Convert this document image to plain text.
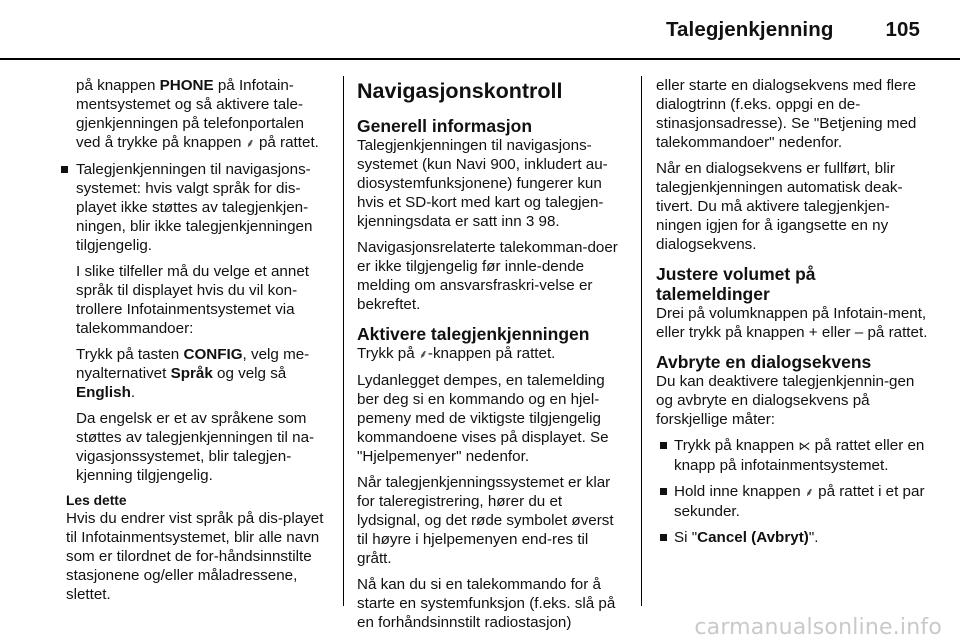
Talegjenkjenning	105

på knappen PHONE på Infotain-mentsystemet og så aktivere tale-gjenkjenningen på telefonportalen ved å trykke på knappen ⸙ på rattet.

Talegjenkjenningen til navigasjons-systemet: hvis valgt språk for dis-playet ikke støttes av talegjenkjen-ningen, blir ikke talegjenkjenningen tilgjengelig.

I slike tilfeller må du velge et annet språk til displayet hvis du vil kon-trollere Infotainmentsystemet via talekommandoer:

Trykk på tasten CONFIG, velg me-nyalternativet Språk og velg så English.

Da engelsk er et av språkene som støttes av talegjenkjenningen til na-vigasjonssystemet, blir talegjen-kjenning tilgjengelig.

Les dette

Hvis du endrer vist språk på dis-playet til Infotainmentsystemet, blir alle navn som er tilordnet de for-håndsinnstilte stasjonene og/eller måladressene, slettet.

Navigasjonskontroll
Generell informasjon

Talegjenkjenningen til navigasjons-systemet (kun Navi 900, inkludert au-diosystemfunksjonene) fungerer kun hvis et SD-kort med kart og talegjen-kjenningsdata er satt inn 3 98.

Navigasjonsrelaterte talekomman-doer er ikke tilgjengelig før innle-dende melding om ansvarsfraskri-velse er bekreftet.

Aktivere talegjenkjenningen

Trykk på ⸙-knappen på rattet.

Lydanlegget dempes, en talemelding ber deg si en kommando og en hjel-pemeny med de viktigste tilgjengelig kommandoene vises på displayet. Se "Hjelpemenyer" nedenfor.

Når talegjenkjenningssystemet er klar for taleregistrering, hører du et lydsignal, og det røde symbolet øverst til høyre i hjelpemenyen end-res til grått.

Nå kan du si en talekommando for å starte en systemfunksjon (f.eks. slå på en forhåndsinnstilt radiostasjon)

eller starte en dialogsekvens med flere dialogtrinn (f.eks. oppgi en de-stinasjonsadresse). Se "Betjening med talekommandoer" nedenfor.

Når en dialogsekvens er fullført, blir talegjenkjenningen automatisk deak-tivert. Du må aktivere talegjenkjen-ningen igjen for å igangsette en ny dialogsekvens.

Justere volumet på talemeldinger

Drei på volumknappen på Infotain-ment, eller trykk på knappen + eller – på rattet.

Avbryte en dialogsekvens

Du kan deaktivere talegjenkjennin-gen og avbryte en dialogsekvens på forskjellige måter:

Trykk på knappen ⋉ på rattet eller en knapp på infotainmentsystemet.
Hold inne knappen ⸙ på rattet i et par sekunder.
Si "Cancel (Avbryt)".
carmanualsonline.info
